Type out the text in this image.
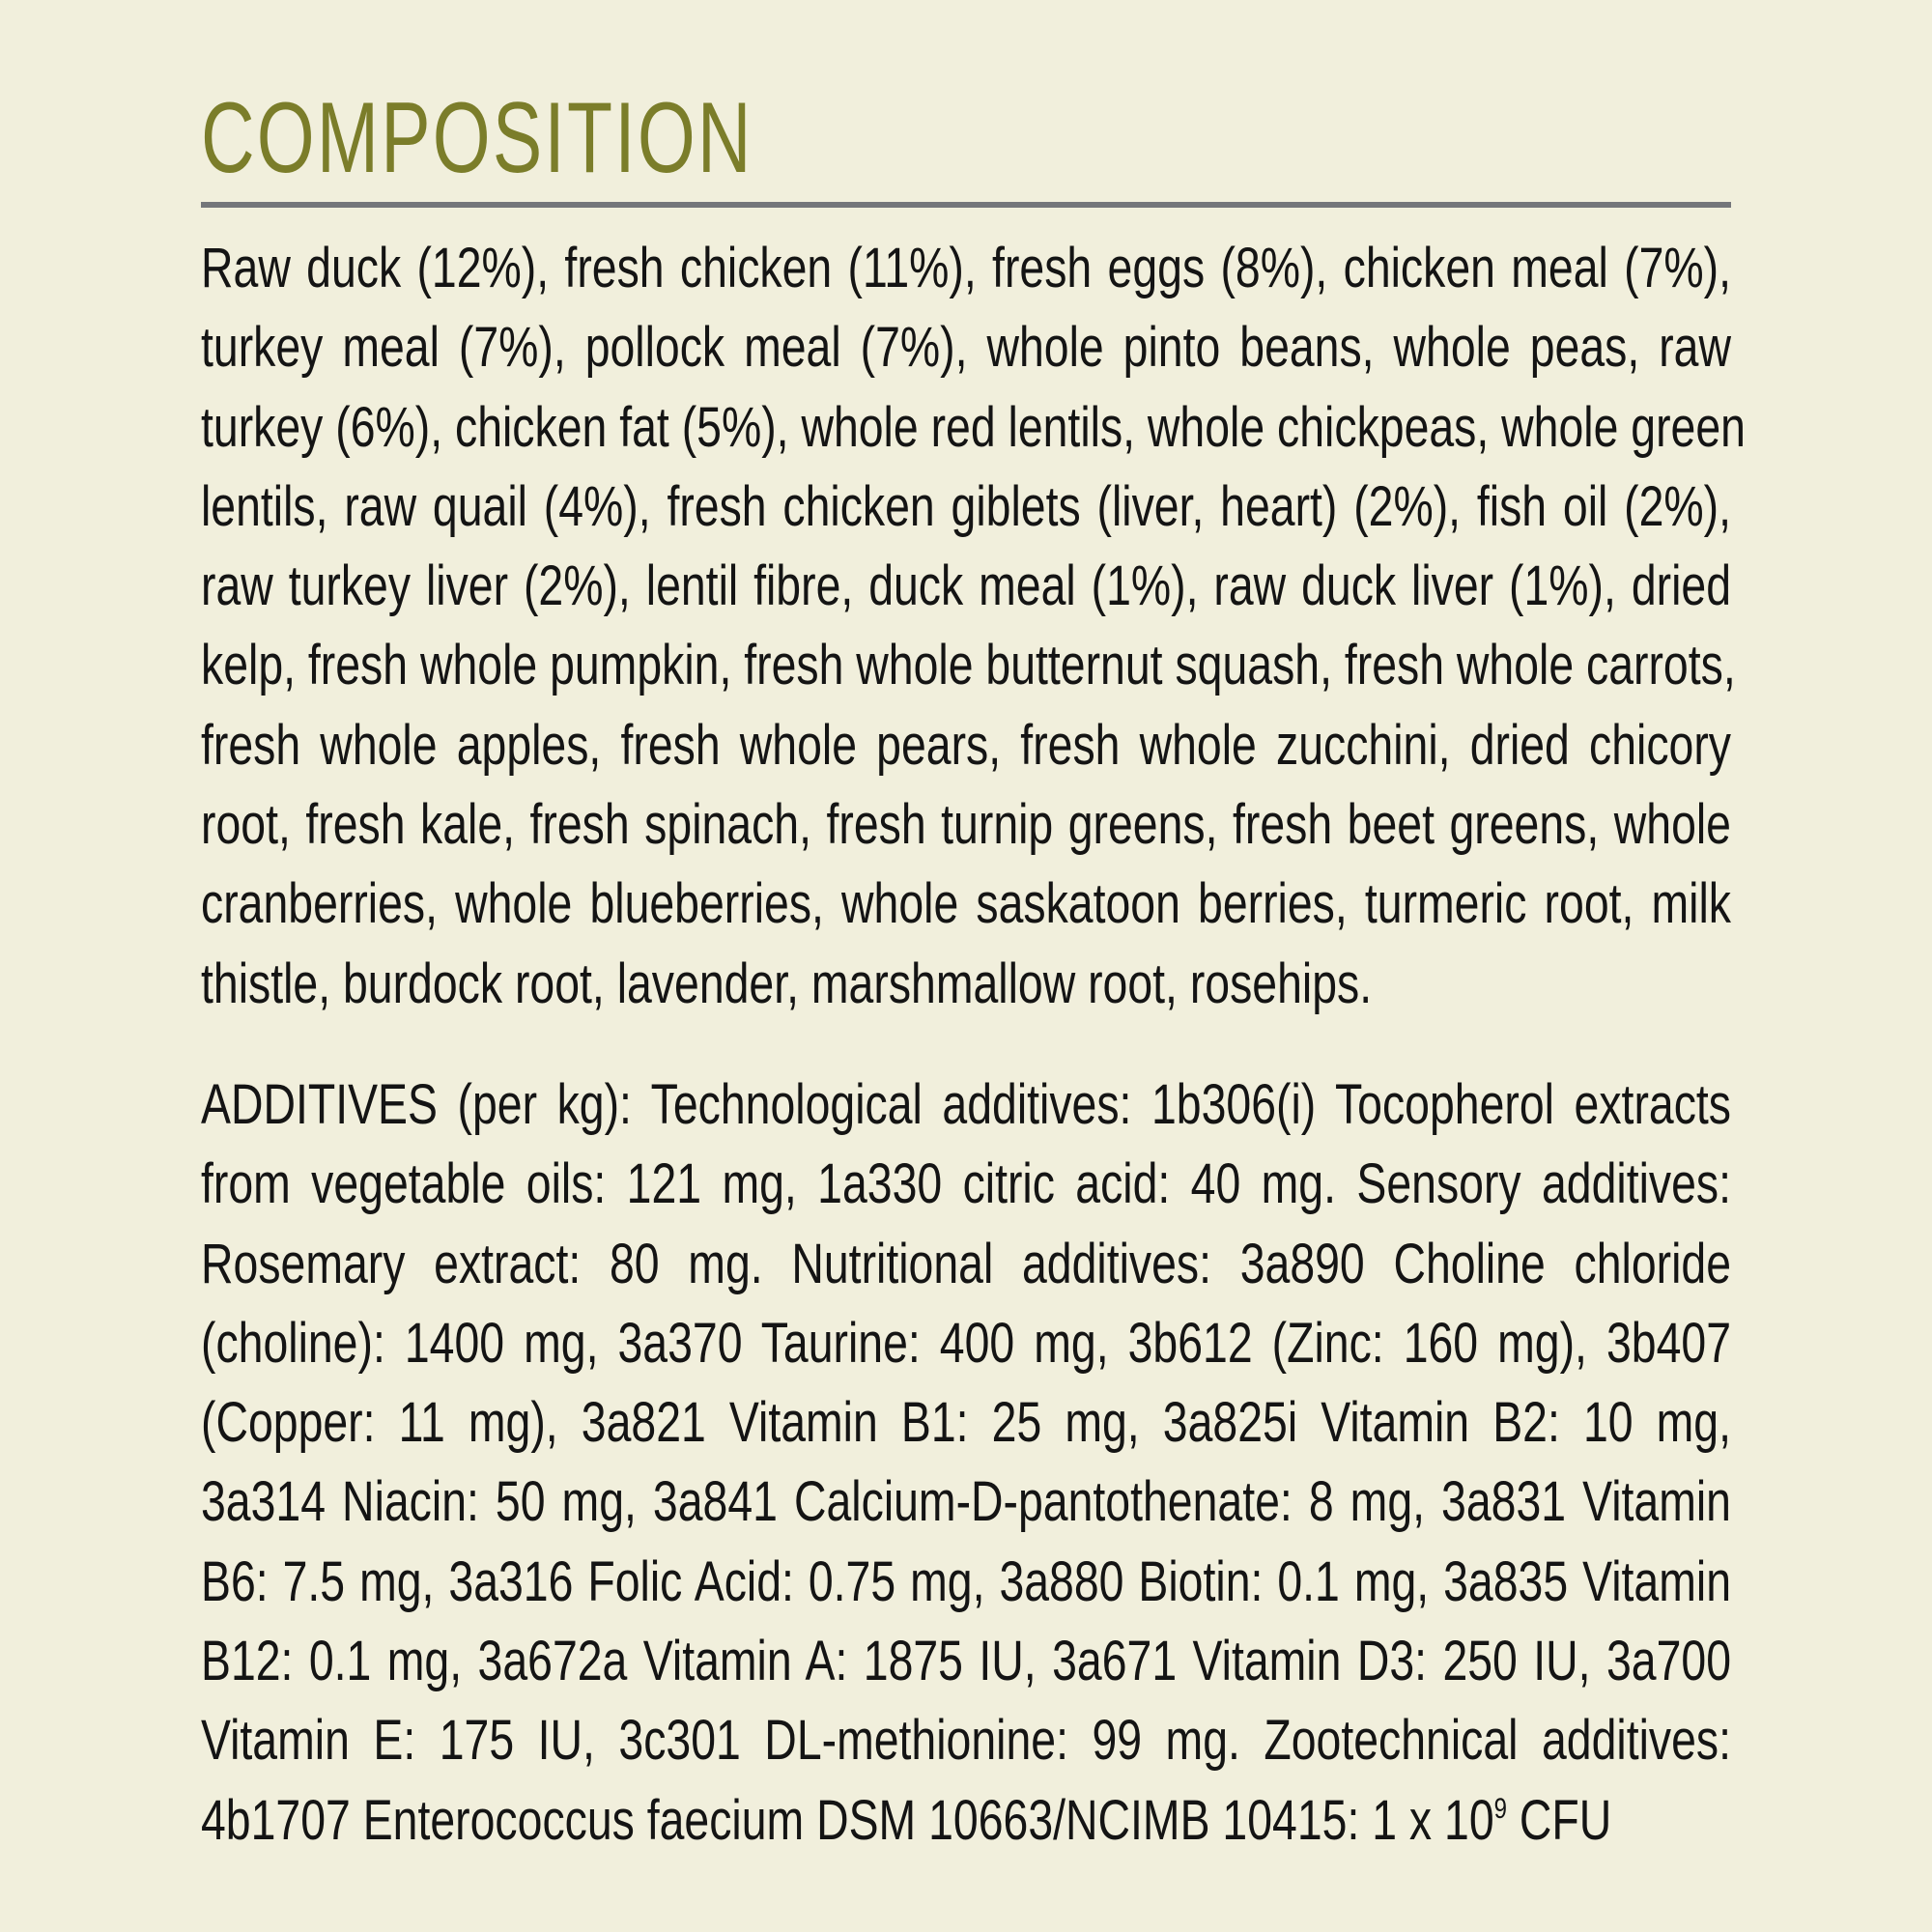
COMPOSITION
Raw duck (12%), fresh chicken (11%), fresh eggs (8%), chicken meal (7%),
turkey meal (7%), pollock meal (7%), whole pinto beans, whole peas, raw
turkey (6%), chicken fat (5%), whole red lentils, whole chickpeas, whole green
lentils, raw quail (4%), fresh chicken giblets (liver, heart) (2%), fish oil (2%),
raw turkey liver (2%), lentil fibre, duck meal (1%), raw duck liver (1%), dried
kelp, fresh whole pumpkin, fresh whole butternut squash, fresh whole carrots,
fresh whole apples, fresh whole pears, fresh whole zucchini, dried chicory
root, fresh kale, fresh spinach, fresh turnip greens, fresh beet greens, whole
cranberries, whole blueberries, whole saskatoon berries, turmeric root, milk
thistle, burdock root, lavender, marshmallow root, rosehips.
ADDITIVES (per kg): Technological additives: 1b306(i) Tocopherol extracts
from vegetable oils: 121 mg, 1a330 citric acid: 40 mg. Sensory additives:
Rosemary extract: 80 mg. Nutritional additives: 3a890 Choline chloride
(choline): 1400 mg, 3a370 Taurine: 400 mg, 3b612 (Zinc: 160 mg), 3b407
(Copper: 11 mg), 3a821 Vitamin B1: 25 mg, 3a825i Vitamin B2: 10 mg,
3a314 Niacin: 50 mg, 3a841 Calcium-D-pantothenate: 8 mg, 3a831 Vitamin
B6: 7.5 mg, 3a316 Folic Acid: 0.75 mg, 3a880 Biotin: 0.1 mg, 3a835 Vitamin
B12: 0.1 mg, 3a672a Vitamin A: 1875 IU, 3a671 Vitamin D3: 250 IU, 3a700
Vitamin E: 175 IU, 3c301 DL-methionine: 99 mg. Zootechnical additives:
4b1707 Enterococcus faecium DSM 10663/NCIMB 10415: 1 x $10^9$ CFU
